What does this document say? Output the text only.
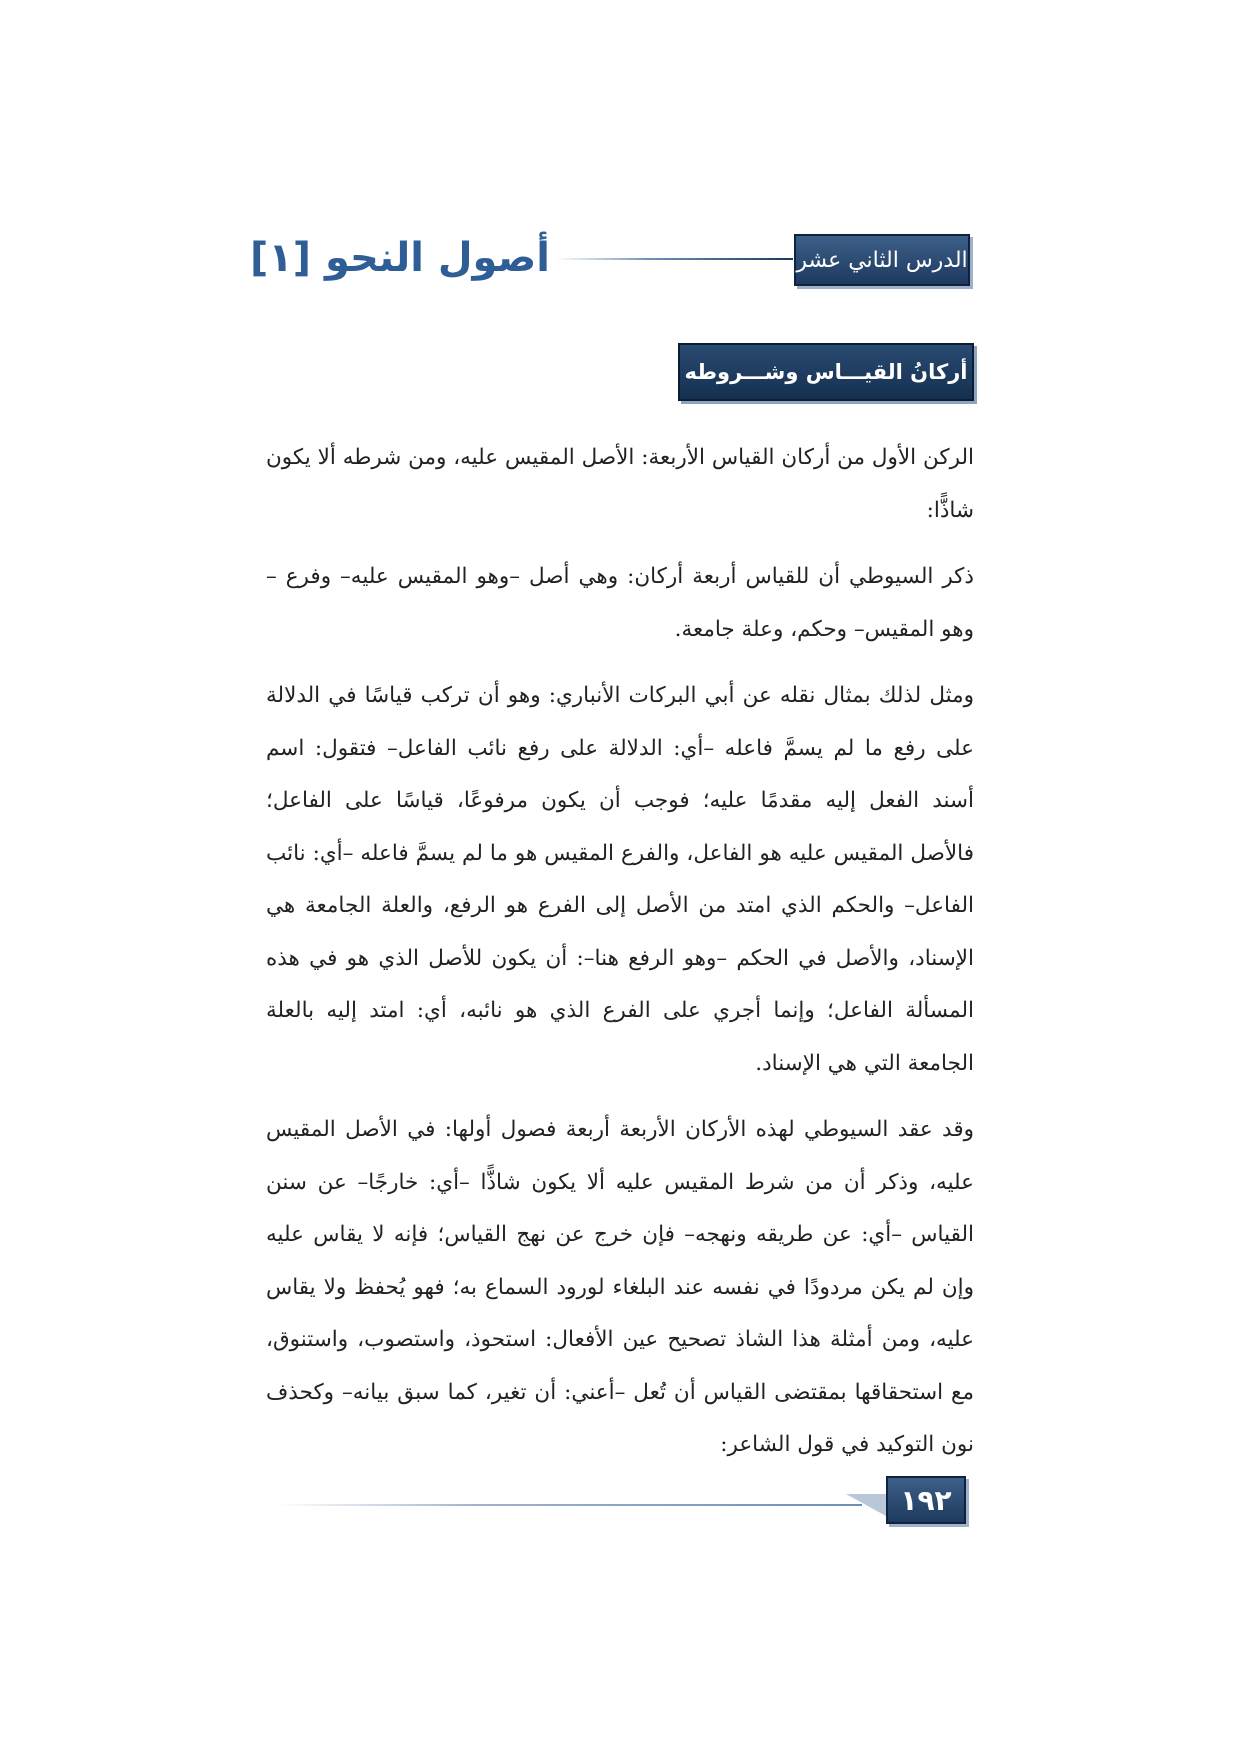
الدرس الثاني عشر
أصول النحو [١]
أركانُ القيـــاس وشـــروطه

الركن الأول من أركان القياس الأربعة: الأصل المقيس عليه، ومن شرطه ألا يكون شاذًّا:

ذكر السيوطي أن للقياس أربعة أركان: وهي أصل –وهو المقيس عليه– وفرع –وهو المقيس– وحكم، وعلة جامعة.

ومثل لذلك بمثال نقله عن أبي البركات الأنباري: وهو أن تركب قياسًا في الدلالة على رفع ما لم يسمَّ فاعله –أي: الدلالة على رفع نائب الفاعل– فتقول: اسم أسند الفعل إليه مقدمًا عليه؛ فوجب أن يكون مرفوعًا، قياسًا على الفاعل؛ فالأصل المقيس عليه هو الفاعل، والفرع المقيس هو ما لم يسمَّ فاعله –أي: نائب الفاعل– والحكم الذي امتد من الأصل إلى الفرع هو الرفع، والعلة الجامعة هي الإسناد، والأصل في الحكم –وهو الرفع هنا–: أن يكون للأصل الذي هو في هذه المسألة الفاعل؛ وإنما أجري على الفرع الذي هو نائبه، أي: امتد إليه بالعلة الجامعة التي هي الإسناد.

وقد عقد السيوطي لهذه الأركان الأربعة أربعة فصول أولها: في الأصل المقيس عليه، وذكر أن من شرط المقيس عليه ألا يكون شاذًّا –أي: خارجًا– عن سنن القياس –أي: عن طريقه ونهجه– فإن خرج عن نهج القياس؛ فإنه لا يقاس عليه وإن لم يكن مردودًا في نفسه عند البلغاء لورود السماع به؛ فهو يُحفظ ولا يقاس عليه، ومن أمثلة هذا الشاذ تصحيح عين الأفعال: استحوذ، واستصوب، واستنوق، مع استحقاقها بمقتضى القياس أن تُعل –أعني: أن تغير، كما سبق بيانه– وكحذف نون التوكيد في قول الشاعر:

١٩٢
